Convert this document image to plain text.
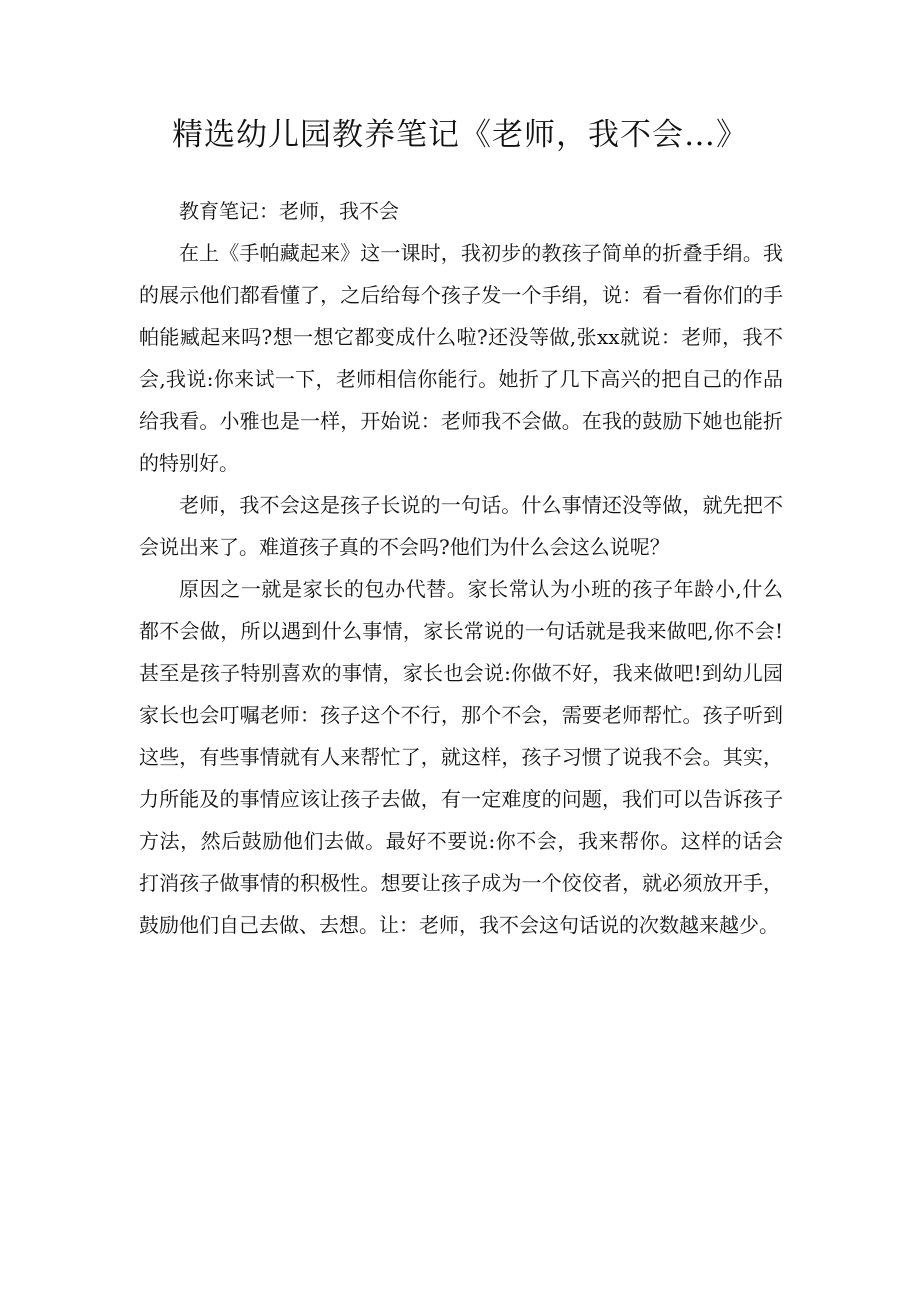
精选幼儿园教养笔记《老师，我不会…》

教育笔记：老师，我不会

在上《手帕藏起来》这一课时，我初步的教孩子简单的折叠手绢。我的展示他们都看懂了，之后给每个孩子发一个手绢，说：看一看你们的手帕能臧起来吗?想一想它都变成什么啦?还没等做,张xx就说：老师，我不会,我说:你来试一下，老师相信你能行。她折了几下高兴的把自己的作品给我看。小雅也是一样，开始说：老师我不会做。在我的鼓励下她也能折的特别好。

老师，我不会这是孩子长说的一句话。什么事情还没等做，就先把不会说出来了。难道孩子真的不会吗?他们为什么会这么说呢？

原因之一就是家长的包办代替。家长常认为小班的孩子年龄小,什么都不会做，所以遇到什么事情，家长常说的一句话就是我来做吧,你不会!甚至是孩子特别喜欢的事情，家长也会说:你做不好，我来做吧!到幼儿园家长也会叮嘱老师：孩子这个不行，那个不会，需要老师帮忙。孩子听到这些，有些事情就有人来帮忙了，就这样，孩子习惯了说我不会。其实，力所能及的事情应该让孩子去做，有一定难度的问题，我们可以告诉孩子方法，然后鼓励他们去做。最好不要说:你不会，我来帮你。这样的话会打消孩子做事情的积极性。想要让孩子成为一个佼佼者，就必须放开手，鼓励他们自己去做、去想。让：老师，我不会这句话说的次数越来越少。
